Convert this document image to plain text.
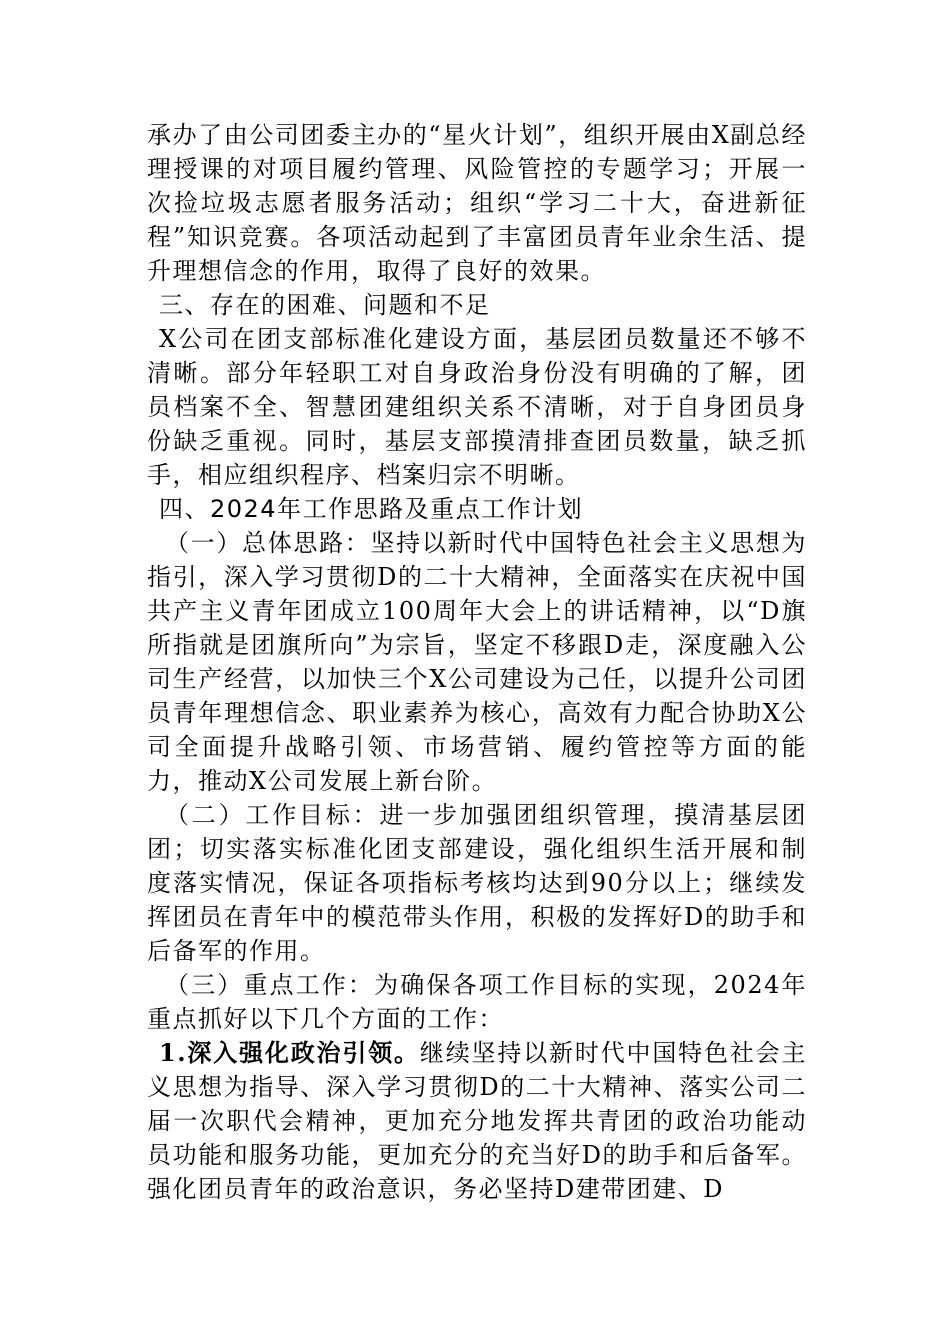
承办了由公司团委主办的“星火计划”，组织开展由X副总经理授课的对项目履约管理、风险管控的专题学习；开展一次捡垃圾志愿者服务活动；组织“学习二十大，奋进新征程”知识竞赛。各项活动起到了丰富团员青年业余生活、提升理想信念的作用，取得了良好的效果。

三、存在的困难、问题和不足

X公司在团支部标准化建设方面，基层团员数量还不够不清晰。部分年轻职工对自身政治身份没有明确的了解，团员档案不全、智慧团建组织关系不清晰，对于自身团员身份缺乏重视。同时，基层支部摸清排查团员数量，缺乏抓手，相应组织程序、档案归宗不明晰。

四、2024年工作思路及重点工作计划

（一）总体思路：坚持以新时代中国特色社会主义思想为指引，深入学习贯彻D的二十大精神，全面落实在庆祝中国共产主义青年团成立100周年大会上的讲话精神，以“D旗所指就是团旗所向”为宗旨，坚定不移跟D走，深度融入公司生产经营，以加快三个X公司建设为己任，以提升公司团员青年理想信念、职业素养为核心，高效有力配合协助X公司全面提升战略引领、市场营销、履约管控等方面的能力，推动X公司发展上新台阶。

（二）工作目标：进一步加强团组织管理，摸清基层团团；切实落实标准化团支部建设，强化组织生活开展和制度落实情况，保证各项指标考核均达到90分以上；继续发挥团员在青年中的模范带头作用，积极的发挥好D的助手和后备军的作用。

（三）重点工作：为确保各项工作目标的实现，2024年重点抓好以下几个方面的工作：

1.深入强化政治引领。继续坚持以新时代中国特色社会主义思想为指导、深入学习贯彻D的二十大精神、落实公司二届一次职代会精神，更加充分地发挥共青团的政治功能动员功能和服务功能，更加充分的充当好D的助手和后备军。强化团员青年的政治意识，务必坚持D建带团建、D
